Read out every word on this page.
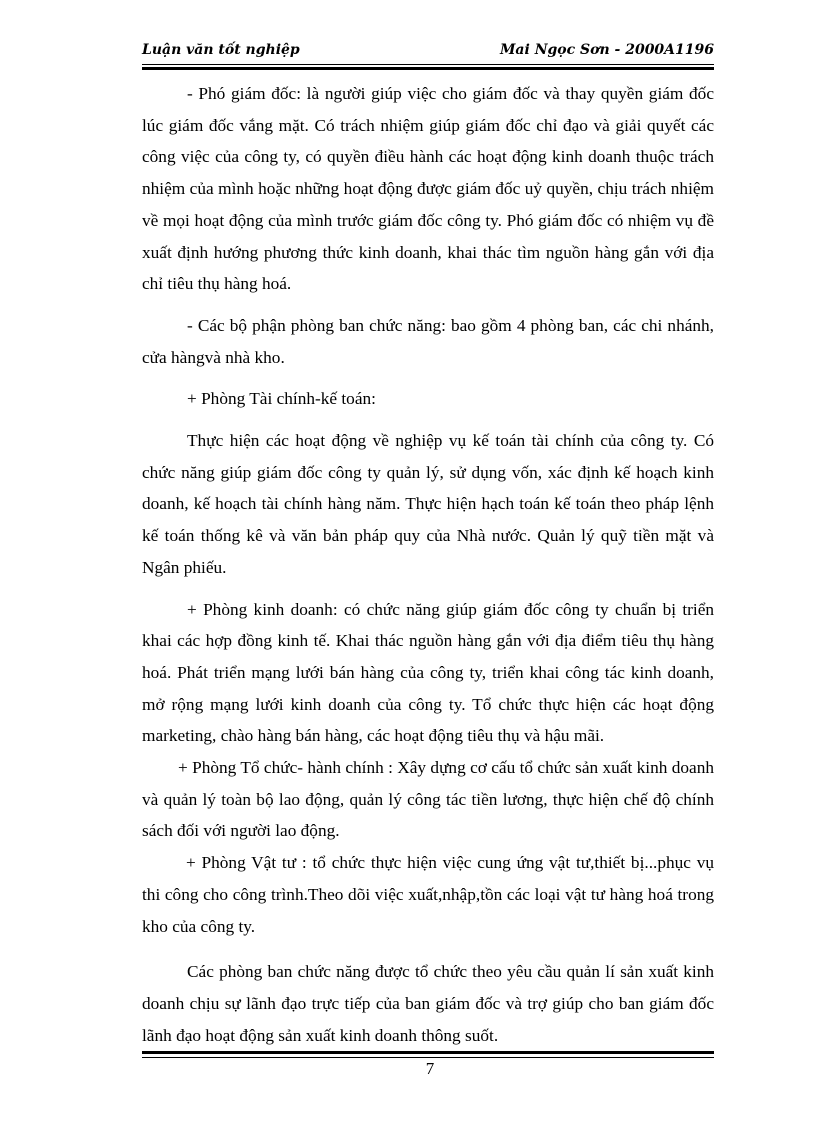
Luận văn tốt nghiệp	Mai Ngọc Sơn - 2000A1196

- Phó giám đốc: là người giúp việc cho giám đốc và thay quyền giám đốc lúc giám đốc vắng mặt. Có trách nhiệm giúp giám đốc chỉ đạo và giải quyết các công việc của công ty, có quyền điều hành các hoạt động kinh doanh thuộc trách nhiệm của mình hoặc những hoạt động được giám đốc uỷ quyền, chịu trách nhiệm về mọi hoạt động của mình trước giám đốc công ty. Phó giám đốc có nhiệm vụ đề xuất định hướng phương thức kinh doanh, khai thác tìm nguồn hàng gắn với địa chỉ tiêu thụ hàng hoá.

- Các bộ phận phòng ban chức năng: bao gồm 4 phòng ban, các chi nhánh, cửa hàngvà nhà kho.

+ Phòng Tài chính-kế toán:

Thực hiện các hoạt động về nghiệp vụ kế toán tài chính của công ty. Có chức năng giúp giám đốc công ty quản lý, sử dụng vốn, xác định kế hoạch kinh doanh, kế hoạch tài chính hàng năm. Thực hiện hạch toán kế toán theo pháp lệnh kế toán thống kê và văn bản pháp quy của Nhà nước. Quản lý quỹ tiền mặt và Ngân phiếu.

+ Phòng kinh doanh: có chức năng giúp giám đốc công ty chuẩn bị triển khai các hợp đồng kinh tế. Khai thác nguồn hàng gắn với địa điểm tiêu thụ hàng hoá. Phát triển mạng lưới bán hàng của công ty, triển khai công tác kinh doanh, mở rộng mạng lưới kinh doanh của công ty. Tổ chức thực hiện các hoạt động marketing, chào hàng bán hàng, các hoạt động tiêu thụ và hậu mãi.

+ Phòng Tổ chức- hành chính : Xây dựng cơ cấu tổ chức sản xuất kinh doanh và quản lý toàn bộ lao động, quản lý công tác tiền lương, thực hiện chế độ chính sách đối với người lao động.

+ Phòng Vật tư : tổ chức thực hiện việc cung ứng vật tư,thiết bị...phục vụ thi công cho công trình.Theo dõi việc xuất,nhập,tồn các loại vật tư hàng hoá trong kho của công ty.

Các phòng ban chức năng được tổ chức theo yêu cầu quản lí sản xuất kinh doanh chịu sự lãnh đạo trực tiếp của ban giám đốc và trợ giúp cho ban giám đốc lãnh đạo hoạt động sản xuất kinh doanh thông suốt.

7
